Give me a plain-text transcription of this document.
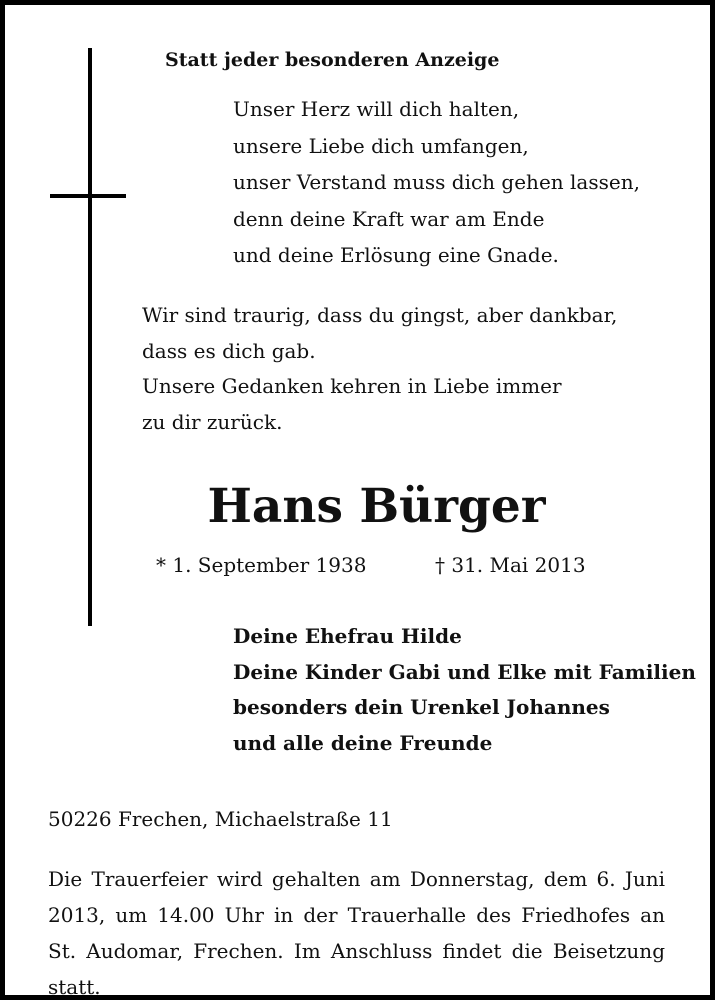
Statt jeder besonderen Anzeige
Unser Herz will dich halten,
unsere Liebe dich umfangen,
unser Verstand muss dich gehen lassen,
denn deine Kraft war am Ende
und deine Erlösung eine Gnade.
Wir sind traurig, dass du gingst, aber dankbar,
dass es dich gab.
Unsere Gedanken kehren in Liebe immer
zu dir zurück.
Hans Bürger
* 1. September 1938	† 31. Mai 2013
Deine Ehefrau Hilde
Deine Kinder Gabi und Elke mit Familien
besonders dein Urenkel Johannes
und alle deine Freunde
50226 Frechen, Michaelstraße 11
Die Trauerfeier wird gehalten am Donnerstag, dem 6. Juni 2013, um 14.00 Uhr in der Trauerhalle des Friedhofes an St. Audomar, Frechen. Im Anschluss findet die Beisetzung statt.
